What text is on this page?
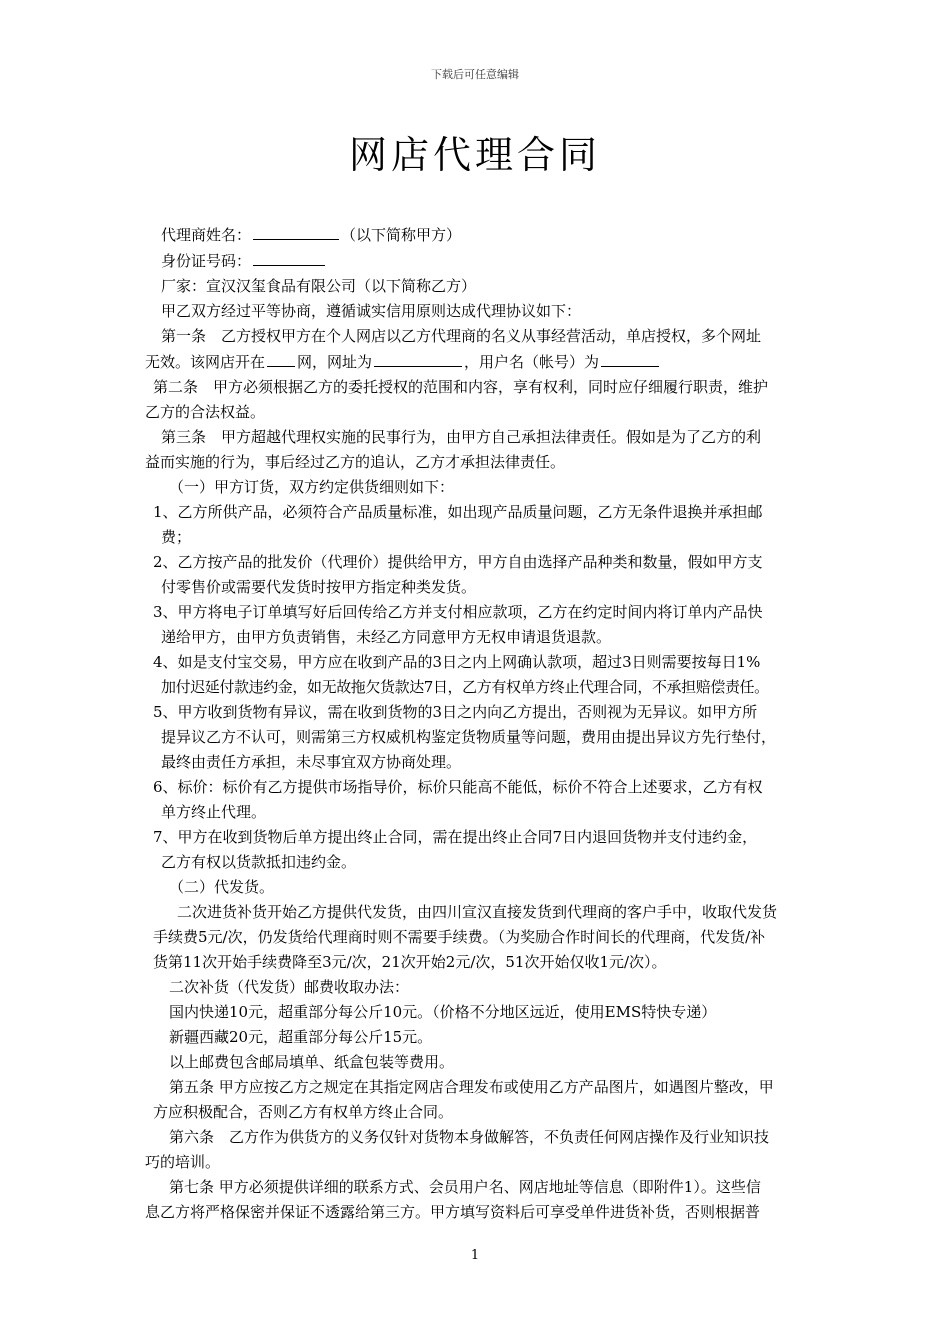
下载后可任意编辑
网店代理合同

代理商姓名：	（以下简称甲方）

身份证号码：

厂家：宣汉汉玺食品有限公司（以下简称乙方）

甲乙双方经过平等协商，遵循诚实信用原则达成代理协议如下：

第一条　乙方授权甲方在个人网店以乙方代理商的名义从事经营活动，单店授权，多个网址

无效。该网店开在 网，网址为	，用户名（帐号）为

第二条　甲方必须根据乙方的委托授权的范围和内容，享有权利，同时应仔细履行职责，维护

乙方的合法权益。

第三条　甲方超越代理权实施的民事行为，由甲方自己承担法律责任。假如是为了乙方的利

益而实施的行为，事后经过乙方的追认，乙方才承担法律责任。

（一）甲方订货，双方约定供货细则如下：

1、乙方所供产品，必须符合产品质量标准，如出现产品质量问题，乙方无条件退换并承担邮

费；

2、乙方按产品的批发价（代理价）提供给甲方，甲方自由选择产品种类和数量，假如甲方支

付零售价或需要代发货时按甲方指定种类发货。

3、甲方将电子订单填写好后回传给乙方并支付相应款项，乙方在约定时间内将订单内产品快

递给甲方，由甲方负责销售，未经乙方同意甲方无权申请退货退款。

4、如是支付宝交易，甲方应在收到产品的3日之内上网确认款项，超过3日则需要按每日1%

加付迟延付款违约金，如无故拖欠货款达7日，乙方有权单方终止代理合同，不承担赔偿责任。

5、甲方收到货物有异议，需在收到货物的3日之内向乙方提出，否则视为无异议。如甲方所

提异议乙方不认可，则需第三方权威机构鉴定货物质量等问题，费用由提出异议方先行垫付，

最终由责任方承担，未尽事宜双方协商处理。

6、标价：标价有乙方提供市场指导价，标价只能高不能低，标价不符合上述要求，乙方有权

单方终止代理。

7、甲方在收到货物后单方提出终止合同，需在提出终止合同7日内退回货物并支付违约金，

乙方有权以货款抵扣违约金。

（二）代发货。

二次进货补货开始乙方提供代发货，由四川宣汉直接发货到代理商的客户手中，收取代发货

手续费5元/次，仍发货给代理商时则不需要手续费。（为奖励合作时间长的代理商，代发货/补

货第11次开始手续费降至3元/次，21次开始2元/次，51次开始仅收1元/次）。

二次补货（代发货）邮费收取办法：

国内快递10元，超重部分每公斤10元。（价格不分地区远近，使用EMS特快专递）

新疆西藏20元，超重部分每公斤15元。

以上邮费包含邮局填单、纸盒包装等费用。

第五条 甲方应按乙方之规定在其指定网店合理发布或使用乙方产品图片，如遇图片整改，甲

方应积极配合，否则乙方有权单方终止合同。

第六条　乙方作为供货方的义务仅针对货物本身做解答，不负责任何网店操作及行业知识技

巧的培训。

第七条 甲方必须提供详细的联系方式、会员用户名、网店地址等信息（即附件1）。这些信

息乙方将严格保密并保证不透露给第三方。甲方填写资料后可享受单件进货补货，否则根据普

1
